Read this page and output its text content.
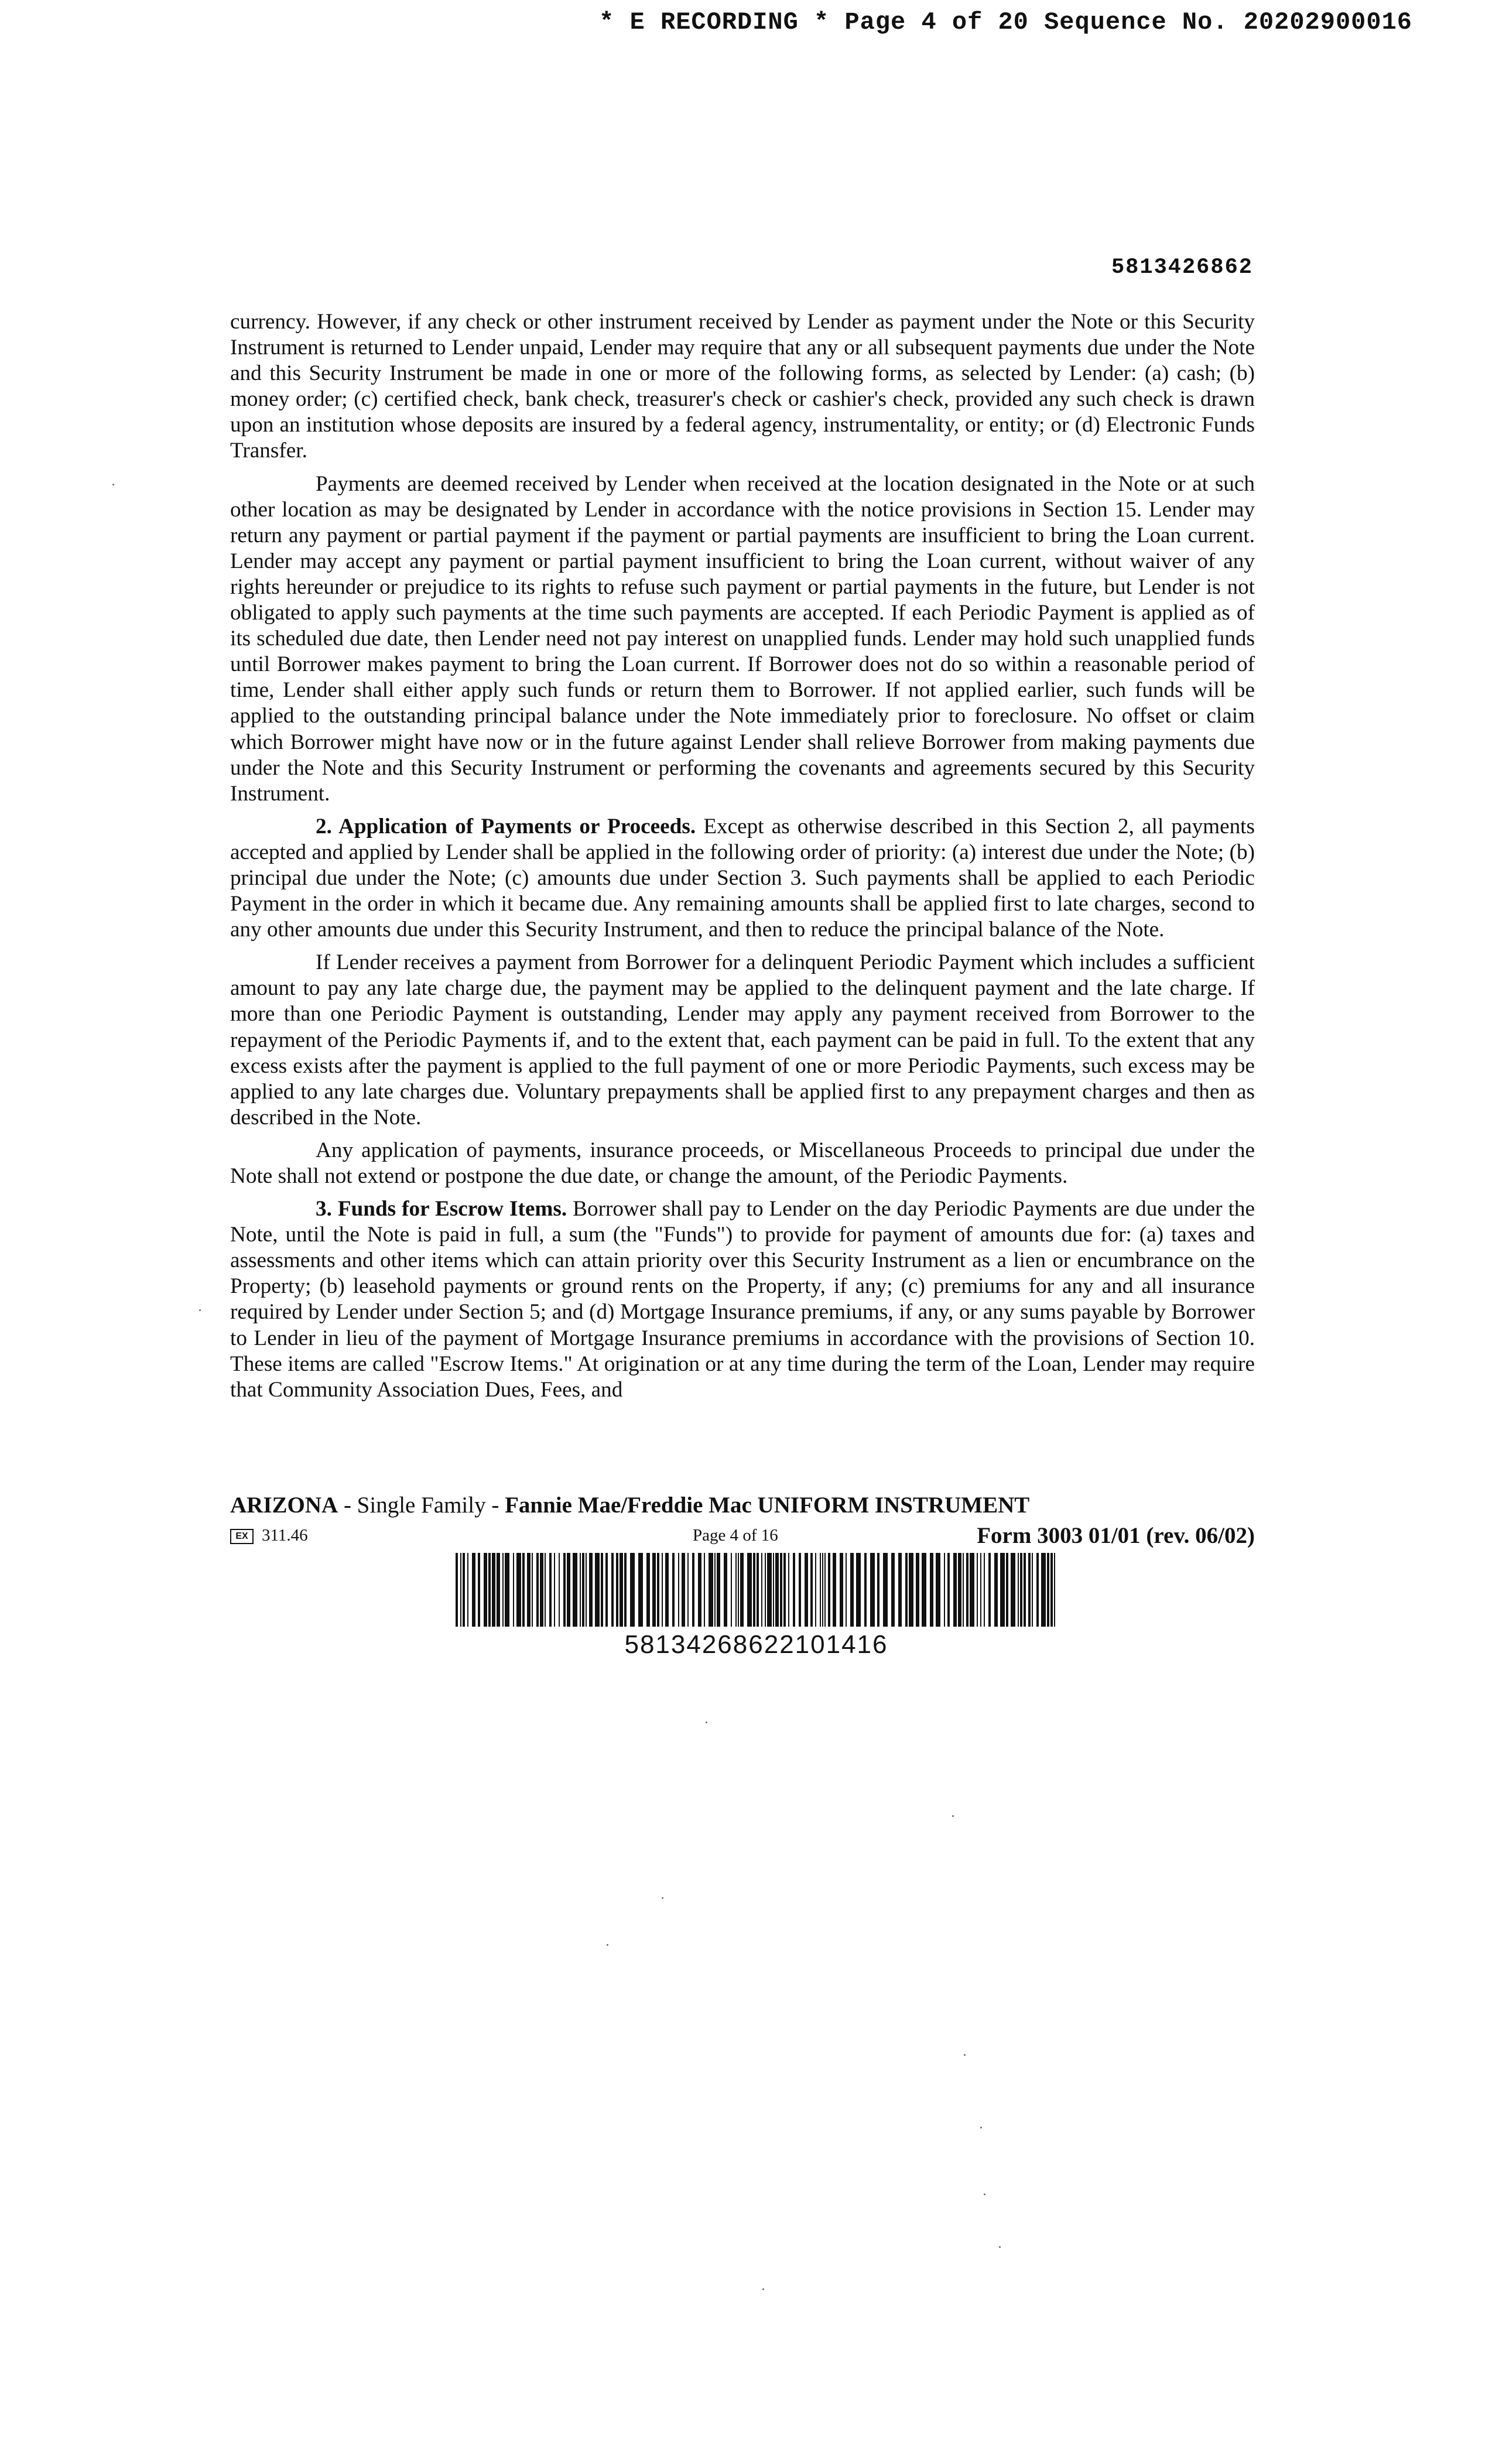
* E RECORDING * Page 4 of 20 Sequence No. 20202900016
5813426862

currency. However, if any check or other instrument received by Lender as payment under the Note or this Security Instrument is returned to Lender unpaid, Lender may require that any or all subsequent payments due under the Note and this Security Instrument be made in one or more of the following forms, as selected by Lender: (a) cash; (b) money order; (c) certified check, bank check, treasurer's check or cashier's check, provided any such check is drawn upon an institution whose deposits are insured by a federal agency, instrumentality, or entity; or (d) Electronic Funds Transfer.

Payments are deemed received by Lender when received at the location designated in the Note or at such other location as may be designated by Lender in accordance with the notice provisions in Section 15. Lender may return any payment or partial payment if the payment or partial payments are insufficient to bring the Loan current. Lender may accept any payment or partial payment insufficient to bring the Loan current, without waiver of any rights hereunder or prejudice to its rights to refuse such payment or partial payments in the future, but Lender is not obligated to apply such payments at the time such payments are accepted. If each Periodic Payment is applied as of its scheduled due date, then Lender need not pay interest on unapplied funds. Lender may hold such unapplied funds until Borrower makes payment to bring the Loan current. If Borrower does not do so within a reasonable period of time, Lender shall either apply such funds or return them to Borrower. If not applied earlier, such funds will be applied to the outstanding principal balance under the Note immediately prior to foreclosure. No offset or claim which Borrower might have now or in the future against Lender shall relieve Borrower from making payments due under the Note and this Security Instrument or performing the covenants and agreements secured by this Security Instrument.

2. Application of Payments or Proceeds. Except as otherwise described in this Section 2, all payments accepted and applied by Lender shall be applied in the following order of priority: (a) interest due under the Note; (b) principal due under the Note; (c) amounts due under Section 3. Such payments shall be applied to each Periodic Payment in the order in which it became due. Any remaining amounts shall be applied first to late charges, second to any other amounts due under this Security Instrument, and then to reduce the principal balance of the Note.

If Lender receives a payment from Borrower for a delinquent Periodic Payment which includes a sufficient amount to pay any late charge due, the payment may be applied to the delinquent payment and the late charge. If more than one Periodic Payment is outstanding, Lender may apply any payment received from Borrower to the repayment of the Periodic Payments if, and to the extent that, each payment can be paid in full. To the extent that any excess exists after the payment is applied to the full payment of one or more Periodic Payments, such excess may be applied to any late charges due. Voluntary prepayments shall be applied first to any prepayment charges and then as described in the Note.

Any application of payments, insurance proceeds, or Miscellaneous Proceeds to principal due under the Note shall not extend or postpone the due date, or change the amount, of the Periodic Payments.

3. Funds for Escrow Items. Borrower shall pay to Lender on the day Periodic Payments are due under the Note, until the Note is paid in full, a sum (the "Funds") to provide for payment of amounts due for: (a) taxes and assessments and other items which can attain priority over this Security Instrument as a lien or encumbrance on the Property; (b) leasehold payments or ground rents on the Property, if any; (c) premiums for any and all insurance required by Lender under Section 5; and (d) Mortgage Insurance premiums, if any, or any sums payable by Borrower to Lender in lieu of the payment of Mortgage Insurance premiums in accordance with the provisions of Section 10. These items are called "Escrow Items." At origination or at any time during the term of the Loan, Lender may require that Community Association Dues, Fees, and

ARIZONA - Single Family - Fannie Mae/Freddie Mac UNIFORM INSTRUMENT
EX 311.46	Page 4 of 16	Form 3003 01/01 (rev. 06/02)
58134268622101416
